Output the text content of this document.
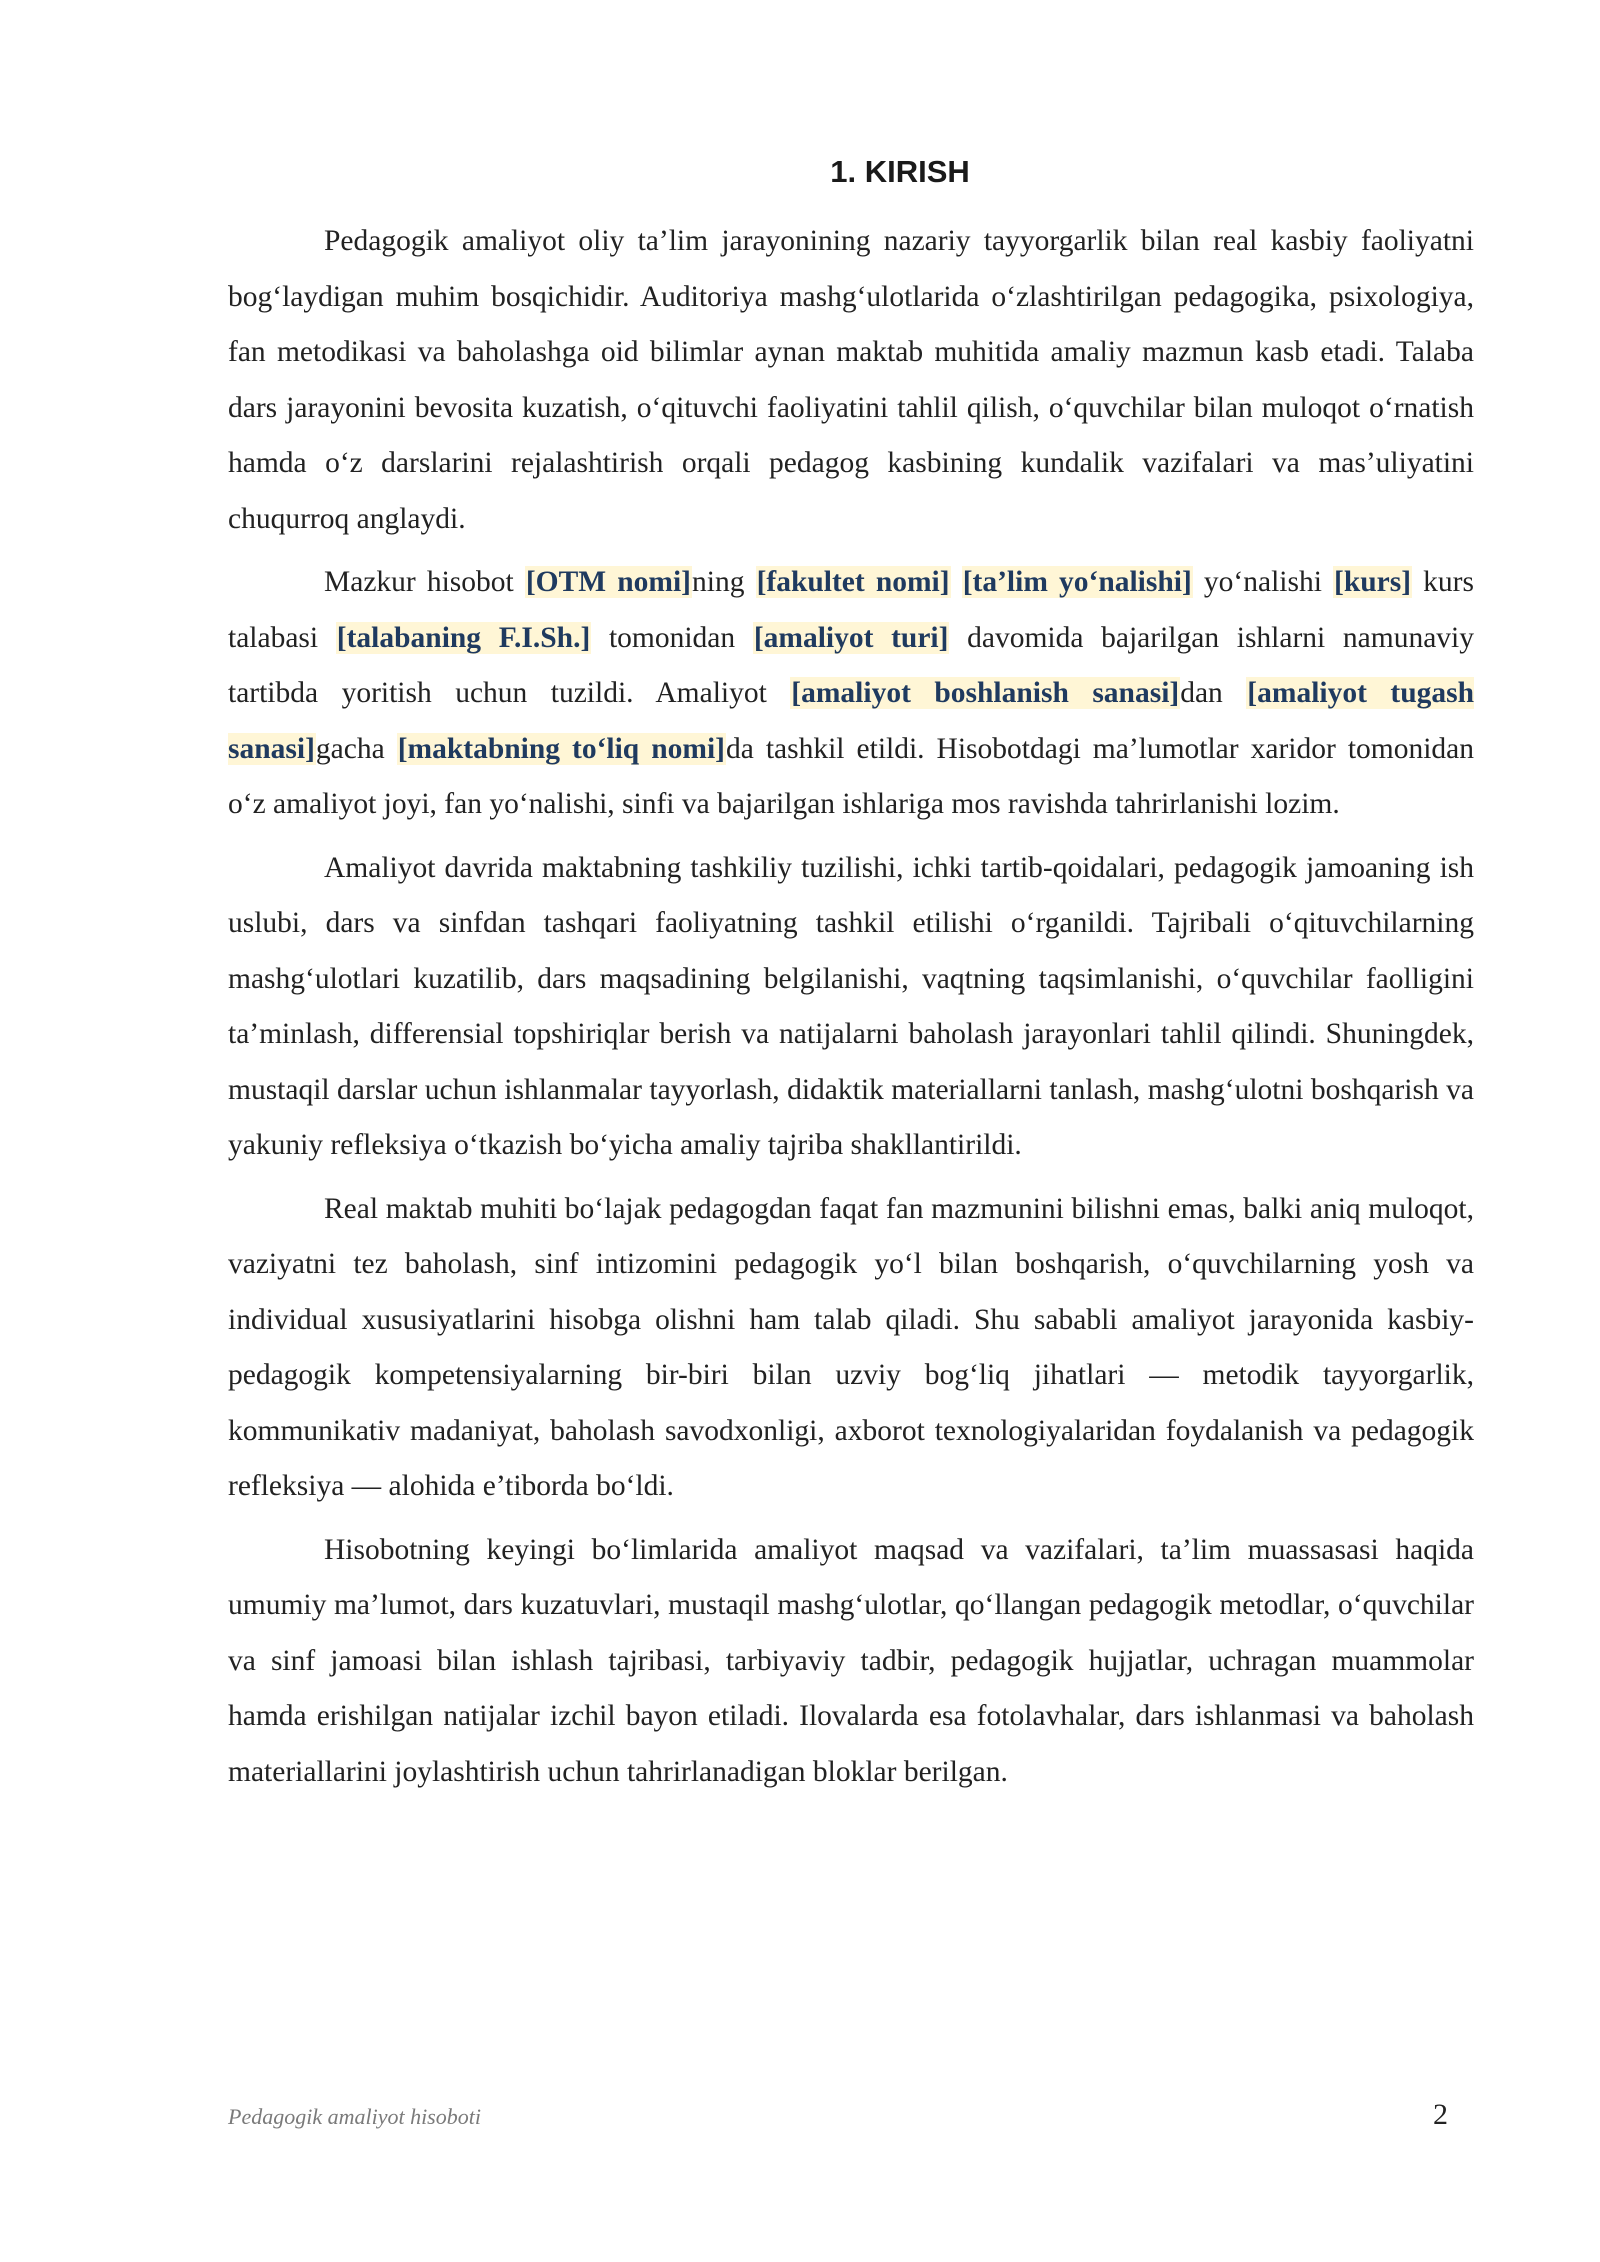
1. KIRISH

Pedagogik amaliyot oliy ta’lim jarayonining nazariy tayyorgarlik bilan real kasbiy faoliyatni bog‘laydigan muhim bosqichidir. Auditoriya mashg‘ulotlarida o‘zlashtirilgan pedagogika, psixologiya, fan metodikasi va baholashga oid bilimlar aynan maktab muhitida amaliy mazmun kasb etadi. Talaba dars jarayonini bevosita kuzatish, o‘qituvchi faoliyatini tahlil qilish, o‘quvchilar bilan muloqot o‘rnatish hamda o‘z darslarini rejalashtirish orqali pedagog kasbining kundalik vazifalari va mas’uliyatini chuqurroq anglaydi.

Mazkur hisobot [OTM nomi]ning [fakultet nomi] [ta’lim yo‘nalishi] yo‘nalishi [kurs] kurs talabasi [talabaning F.I.Sh.] tomonidan [amaliyot turi] davomida bajarilgan ishlarni namunaviy tartibda yoritish uchun tuzildi. Amaliyot [amaliyot boshlanish sanasi]dan [amaliyot tugash sanasi]gacha [maktabning to‘liq nomi]da tashkil etildi. Hisobotdagi ma’lumotlar xaridor tomonidan o‘z amaliyot joyi, fan yo‘nalishi, sinfi va bajarilgan ishlariga mos ravishda tahrirlanishi lozim.

Amaliyot davrida maktabning tashkiliy tuzilishi, ichki tartib-qoidalari, pedagogik jamoaning ish uslubi, dars va sinfdan tashqari faoliyatning tashkil etilishi o‘rganildi. Tajribali o‘qituvchilarning mashg‘ulotlari kuzatilib, dars maqsadining belgilanishi, vaqtning taqsimlanishi, o‘quvchilar faolligini ta’minlash, differensial topshiriqlar berish va natijalarni baholash jarayonlari tahlil qilindi. Shuningdek, mustaqil darslar uchun ishlanmalar tayyorlash, didaktik materiallarni tanlash, mashg‘ulotni boshqarish va yakuniy refleksiya o‘tkazish bo‘yicha amaliy tajriba shakllantirildi.

Real maktab muhiti bo‘lajak pedagogdan faqat fan mazmunini bilishni emas, balki aniq muloqot, vaziyatni tez baholash, sinf intizomini pedagogik yo‘l bilan boshqarish, o‘quvchilarning yosh va individual xususiyatlarini hisobga olishni ham talab qiladi. Shu sababli amaliyot jarayonida kasbiy-pedagogik kompetensiyalarning bir-biri bilan uzviy bog‘liq jihatlari — metodik tayyorgarlik, kommunikativ madaniyat, baholash savodxonligi, axborot texnologiyalaridan foydalanish va pedagogik refleksiya — alohida e’tiborda bo‘ldi.

Hisobotning keyingi bo‘limlarida amaliyot maqsad va vazifalari, ta’lim muassasasi haqida umumiy ma’lumot, dars kuzatuvlari, mustaqil mashg‘ulotlar, qo‘llangan pedagogik metodlar, o‘quvchilar va sinf jamoasi bilan ishlash tajribasi, tarbiyaviy tadbir, pedagogik hujjatlar, uchragan muammolar hamda erishilgan natijalar izchil bayon etiladi. Ilovalarda esa fotolavhalar, dars ishlanmasi va baholash materiallarini joylashtirish uchun tahrirlanadigan bloklar berilgan.

Pedagogik amaliyot hisoboti	2
